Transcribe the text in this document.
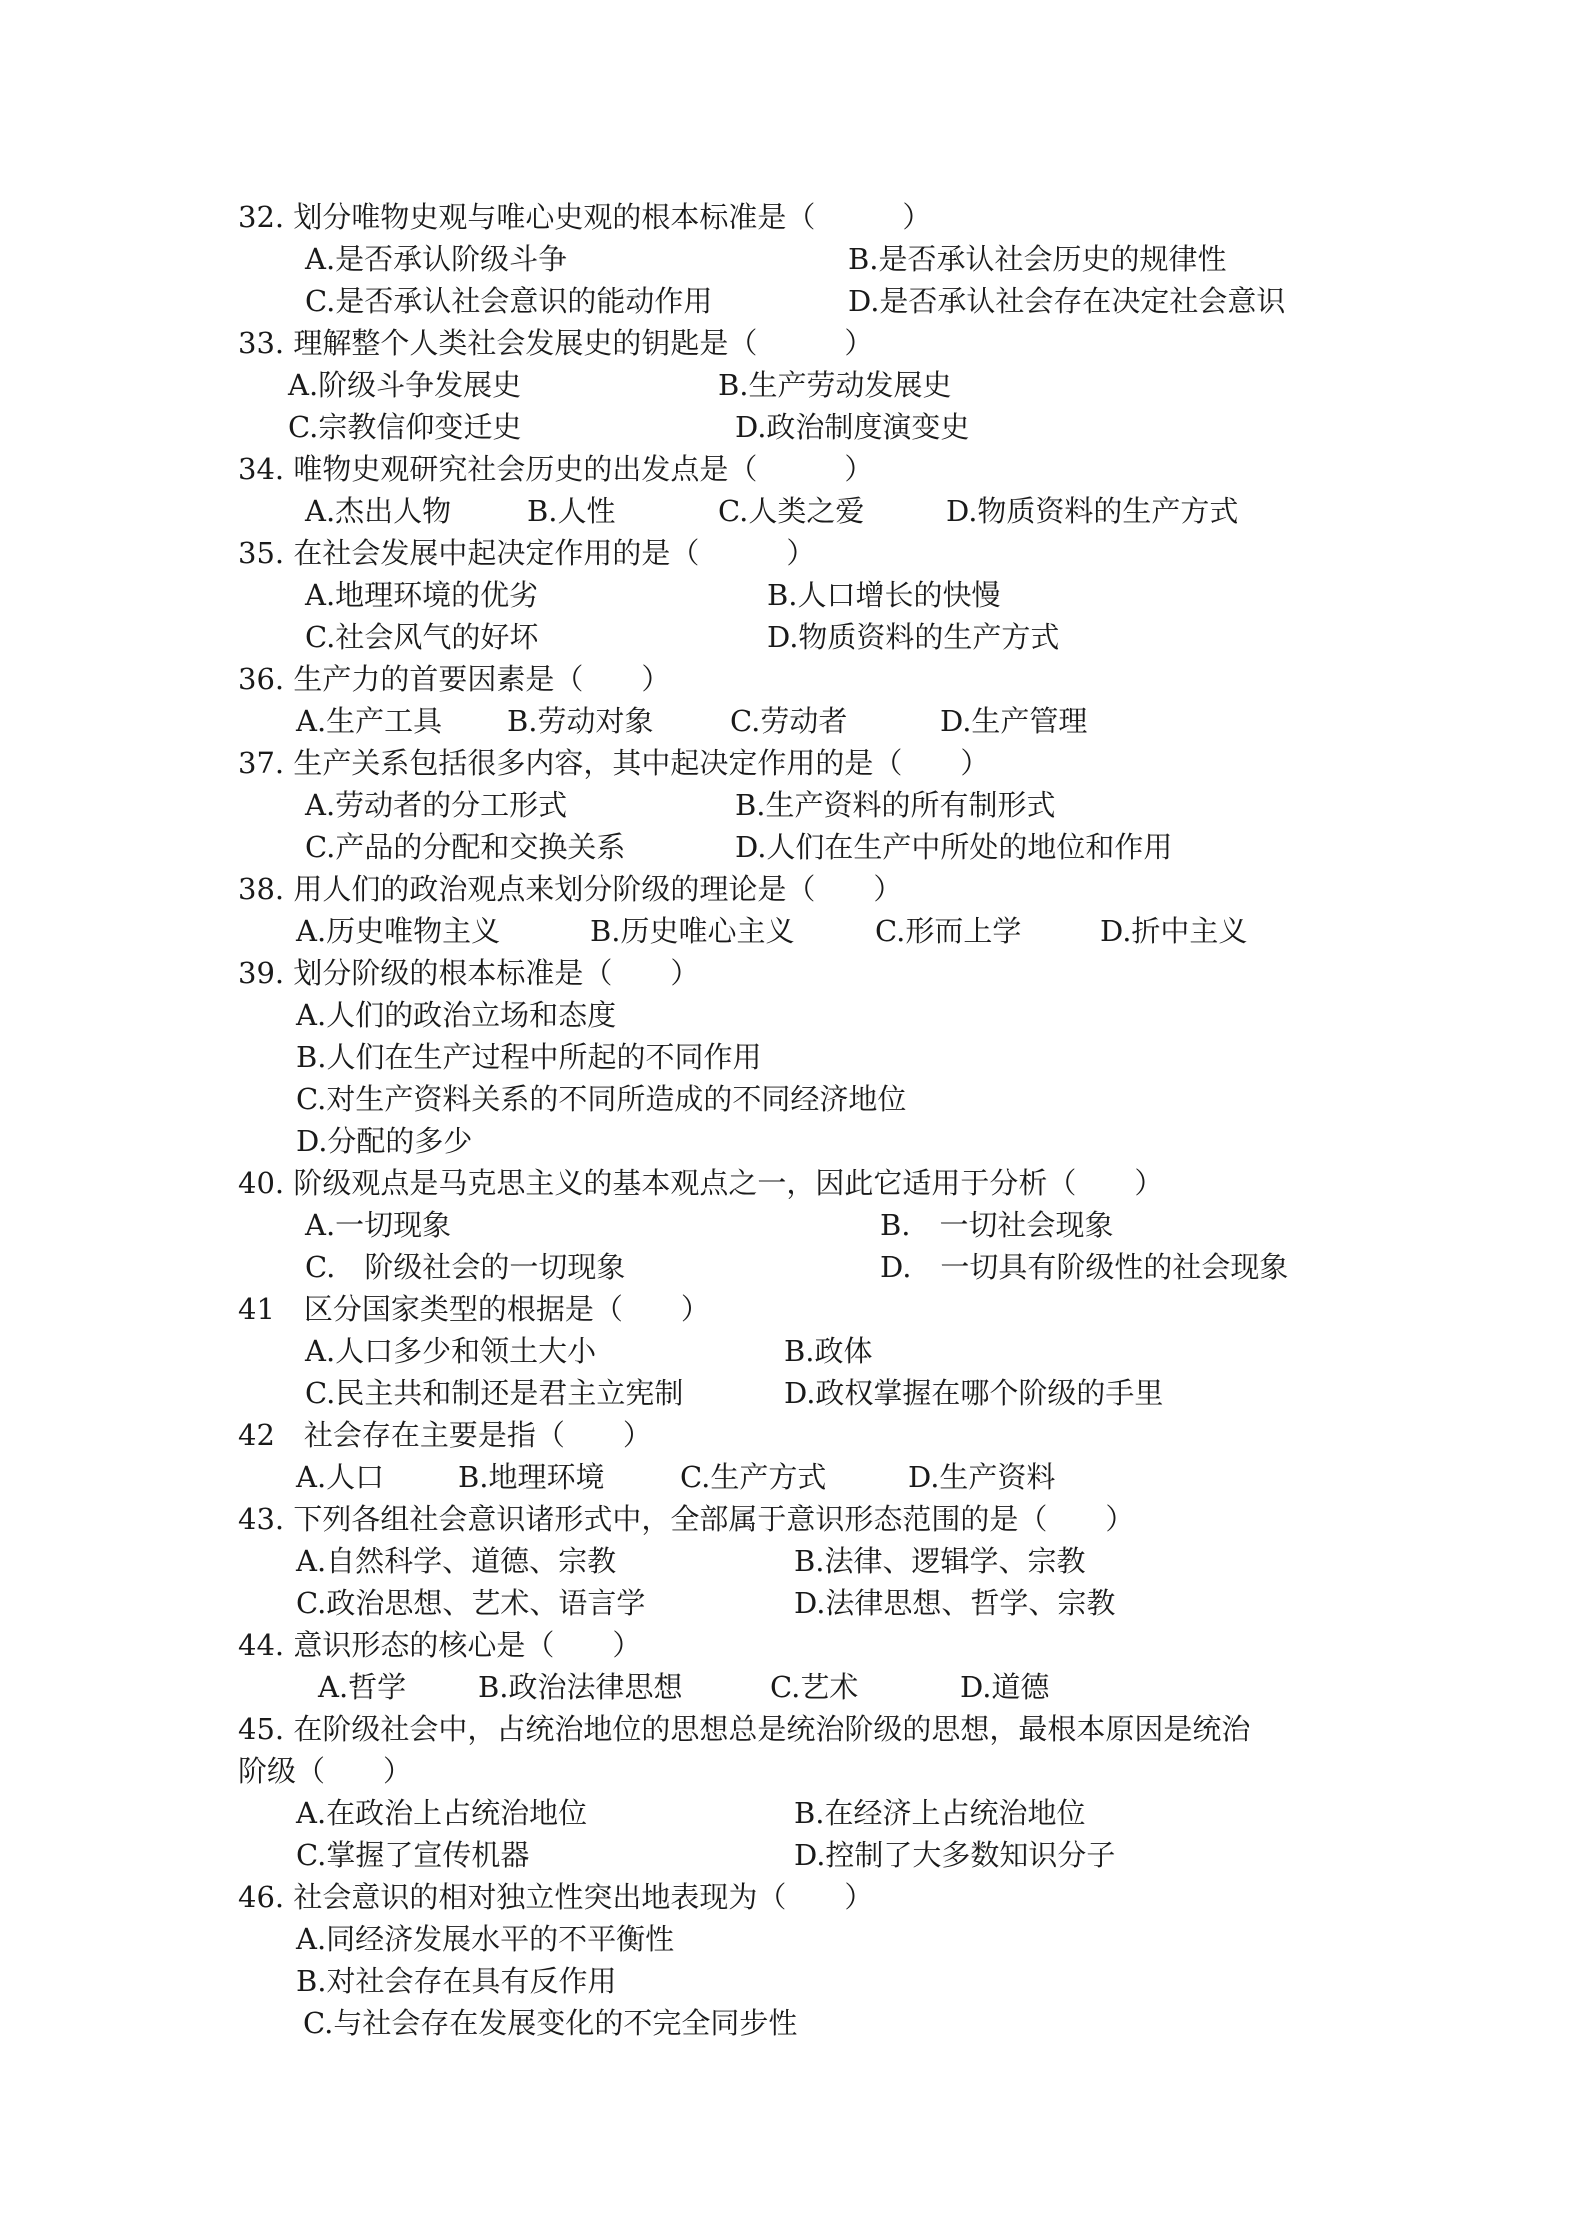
32. 划分唯物史观与唯心史观的根本标准是（　　　）
A.是否承认阶级斗争	B.是否承认社会历史的规律性
C.是否承认社会意识的能动作用	D.是否承认社会存在决定社会意识
33. 理解整个人类社会发展史的钥匙是（　　　）
A.阶级斗争发展史	B.生产劳动发展史
C.宗教信仰变迁史	D.政治制度演变史
34. 唯物史观研究社会历史的出发点是（　　　）
A.杰出人物	B.人性	C.人类之爱	D.物质资料的生产方式
35. 在社会发展中起决定作用的是（　　　）
A.地理环境的优劣	B.人口增长的快慢
C.社会风气的好坏	D.物质资料的生产方式
36. 生产力的首要因素是（　　）
A.生产工具 B.劳动对象	C.劳动者	D.生产管理
37. 生产关系包括很多内容，其中起决定作用的是（　　）
A.劳动者的分工形式	B.生产资料的所有制形式
C.产品的分配和交换关系	D.人们在生产中所处的地位和作用
38. 用人们的政治观点来划分阶级的理论是（　　）
A.历史唯物主义	B.历史唯心主义	C.形而上学	D.折中主义
39. 划分阶级的根本标准是（　　）
A.人们的政治立场和态度
B.人们在生产过程中所起的不同作用
C.对生产资料关系的不同所造成的不同经济地位
D.分配的多少
40. 阶级观点是马克思主义的基本观点之一，因此它适用于分析（　　）
A.一切现象	B.　一切社会现象
C.　阶级社会的一切现象	D.　一切具有阶级性的社会现象
41　区分国家类型的根据是（　　）
A.人口多少和领土大小	B.政体
C.民主共和制还是君主立宪制	D.政权掌握在哪个阶级的手里
42　社会存在主要是指（　　）
A.人口	B.地理环境	C.生产方式	D.生产资料
43. 下列各组社会意识诸形式中，全部属于意识形态范围的是（　　）
A.自然科学、道德、宗教	B.法律、逻辑学、宗教
C.政治思想、艺术、语言学	D.法律思想、哲学、宗教
44. 意识形态的核心是（　　）
A.哲学 B.政治法律思想	C.艺术	D.道德
45. 在阶级社会中，占统治地位的思想总是统治阶级的思想，最根本原因是统治
阶级（　　）
A.在政治上占统治地位	B.在经济上占统治地位
C.掌握了宣传机器	D.控制了大多数知识分子
46. 社会意识的相对独立性突出地表现为（　　）
A.同经济发展水平的不平衡性
B.对社会存在具有反作用
C.与社会存在发展变化的不完全同步性
